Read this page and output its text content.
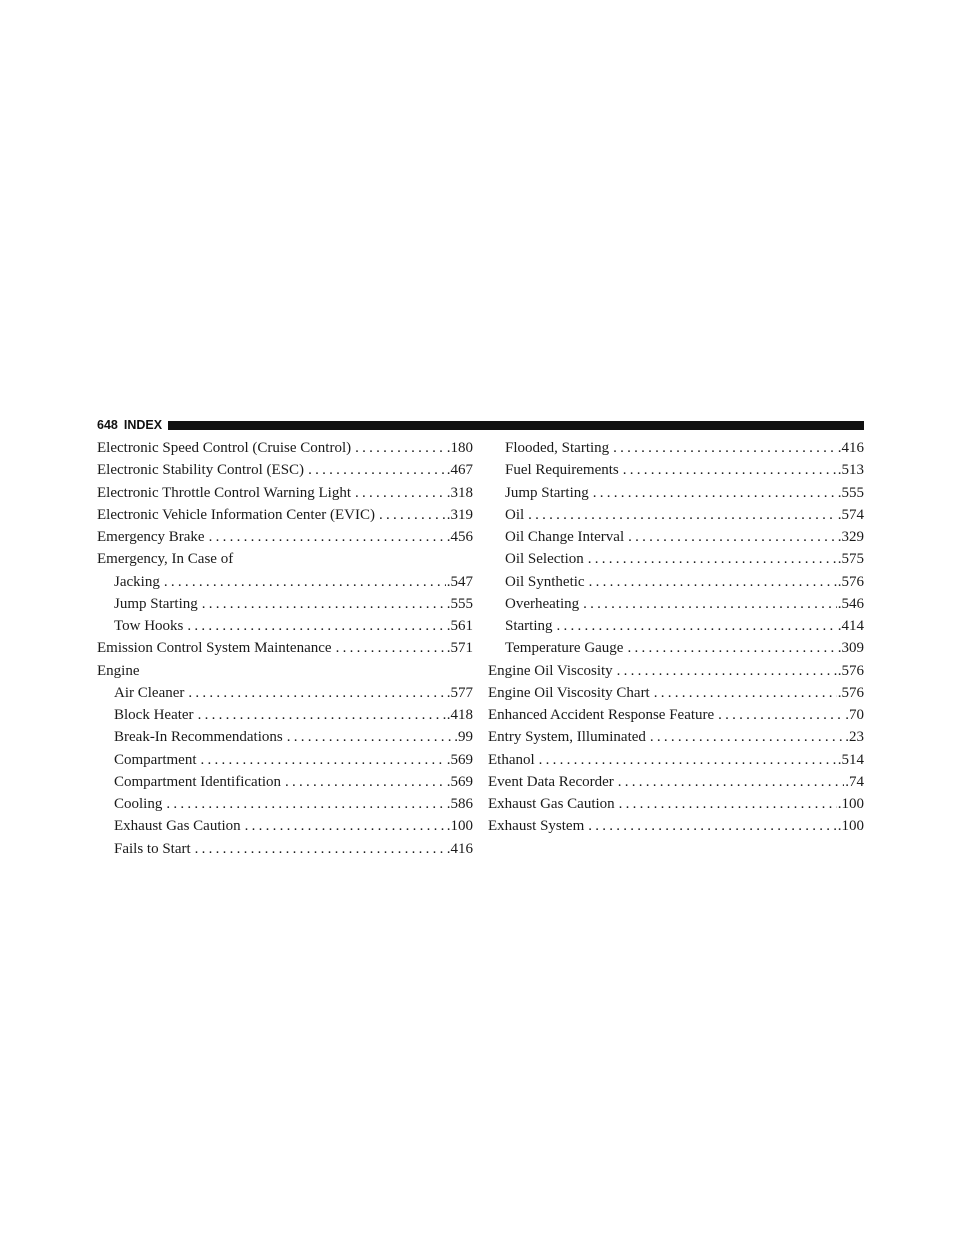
648 INDEX
Electronic Speed Control (Cruise Control) . . .	.180
Electronic Stability Control (ESC) . . .	.467
Electronic Throttle Control Warning Light . . .	.318
Electronic Vehicle Information Center (EVIC) . . .	.319
Emergency Brake . . .	.456
Emergency, In Case of
Jacking . . .	.547
Jump Starting . . .	.555
Tow Hooks . . .	.561
Emission Control System Maintenance . . .	.571
Engine
Air Cleaner . . .	.577
Block Heater . . .	.418
Break-In Recommendations . . .	.99
Compartment . . .	.569
Compartment Identification . . .	.569
Cooling . . .	.586
Exhaust Gas Caution . . .	.100
Fails to Start . . .	.416
Flooded, Starting . . .	.416
Fuel Requirements . . .	.513
Jump Starting . . .	.555
Oil . . .	.574
Oil Change Interval . . .	.329
Oil Selection . . .	.575
Oil Synthetic . . .	.576
Overheating . . .	.546
Starting . . .	.414
Temperature Gauge . . .	.309
Engine Oil Viscosity . . .	.576
Engine Oil Viscosity Chart . . .	.576
Enhanced Accident Response Feature . . .	.70
Entry System, Illuminated . . .	.23
Ethanol . . .	.514
Event Data Recorder . . .	.74
Exhaust Gas Caution . . .	.100
Exhaust System . . .	.100
